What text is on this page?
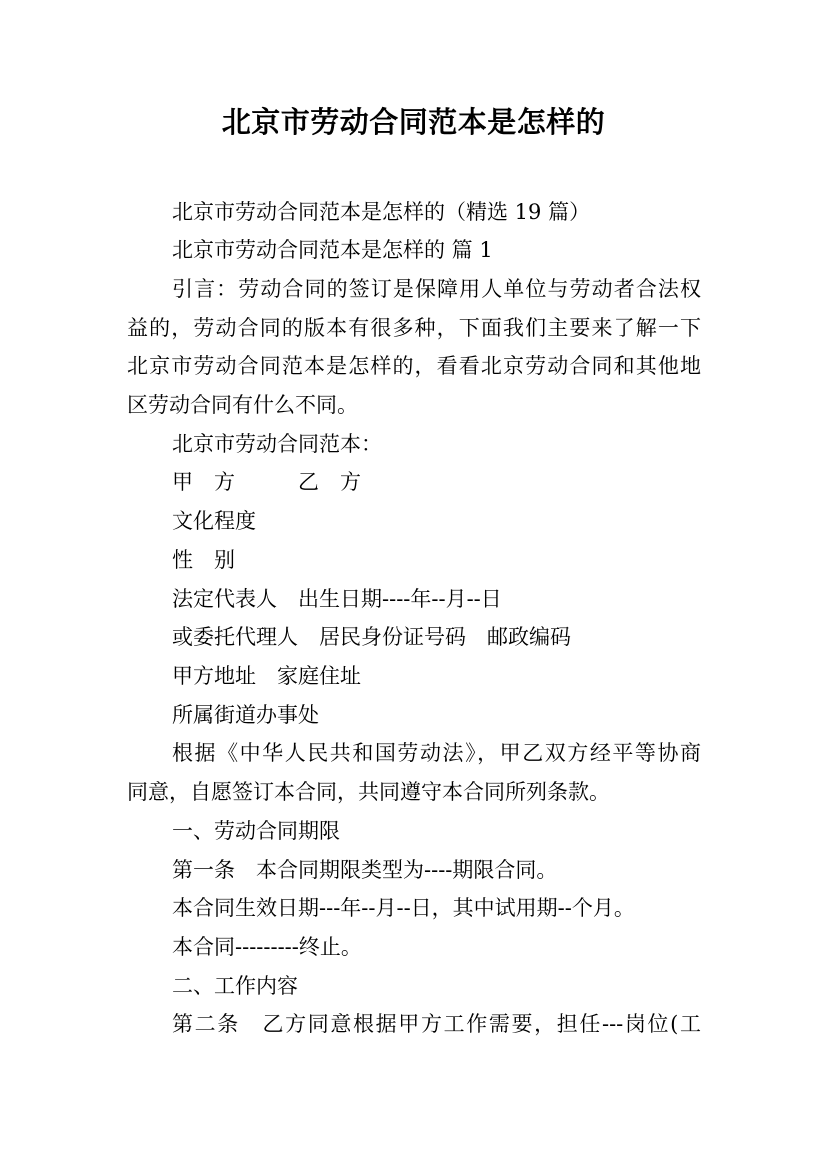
北京市劳动合同范本是怎样的

北京市劳动合同范本是怎样的（精选 19 篇）

北京市劳动合同范本是怎样的 篇 1

引言：劳动合同的签订是保障用人单位与劳动者合法权

益的，劳动合同的版本有很多种，下面我们主要来了解一下

北京市劳动合同范本是怎样的，看看北京劳动合同和其他地

区劳动合同有什么不同。

北京市劳动合同范本：

甲　方　　　乙　方

文化程度

性　别

法定代表人　出生日期----年--月--日

或委托代理人　居民身份证号码　邮政编码

甲方地址　家庭住址

所属街道办事处

根据《中华人民共和国劳动法》，甲乙双方经平等协商

同意，自愿签订本合同，共同遵守本合同所列条款。

一、劳动合同期限

第一条　本合同期限类型为----期限合同。

本合同生效日期---年--月--日，其中试用期--个月。

本合同---------终止。

二、工作内容

第二条　乙方同意根据甲方工作需要，担任---岗位(工
